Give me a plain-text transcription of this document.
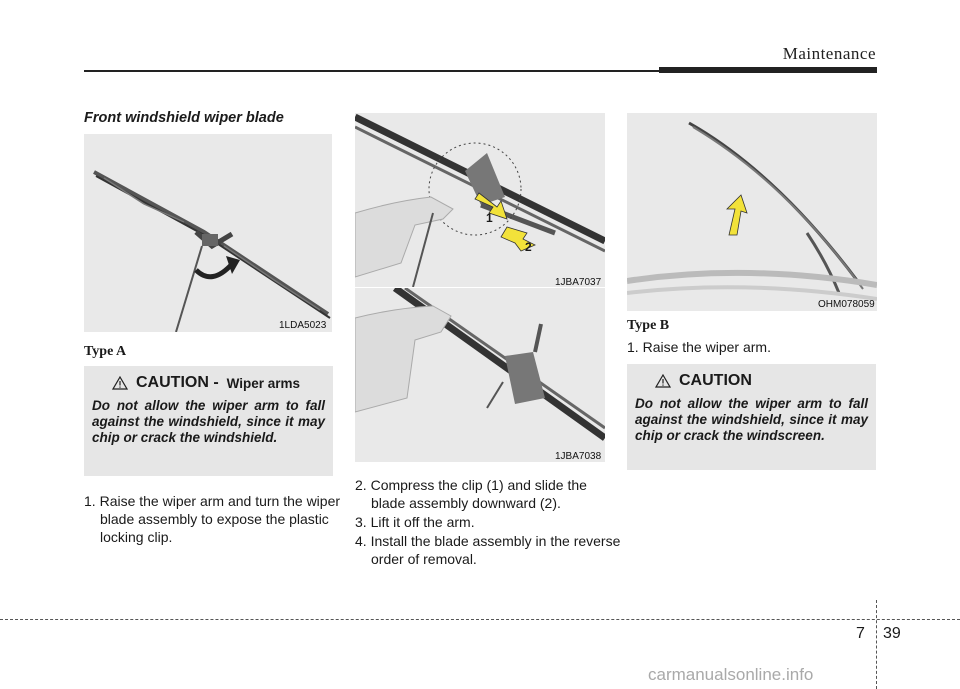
Maintenance
Front windshield wiper blade
1LDA5023
Type A
CAUTION - Wiper arms
Do not allow the wiper arm to fall against the windshield, since it may chip or crack the windshield.
1. Raise the wiper arm and turn the wiper blade assembly to expose the plastic locking clip.
1
2
1JBA7037
1JBA7038
2. Compress the clip (1) and slide the blade assembly downward (2).
3. Lift it off the arm.
4. Install the blade assembly in the reverse order of removal.
OHM078059
Type B
1. Raise the wiper arm.
CAUTION
Do not allow the wiper arm to fall against the windshield, since it may chip or crack the windscreen.
7 39
carmanualsonline.info
